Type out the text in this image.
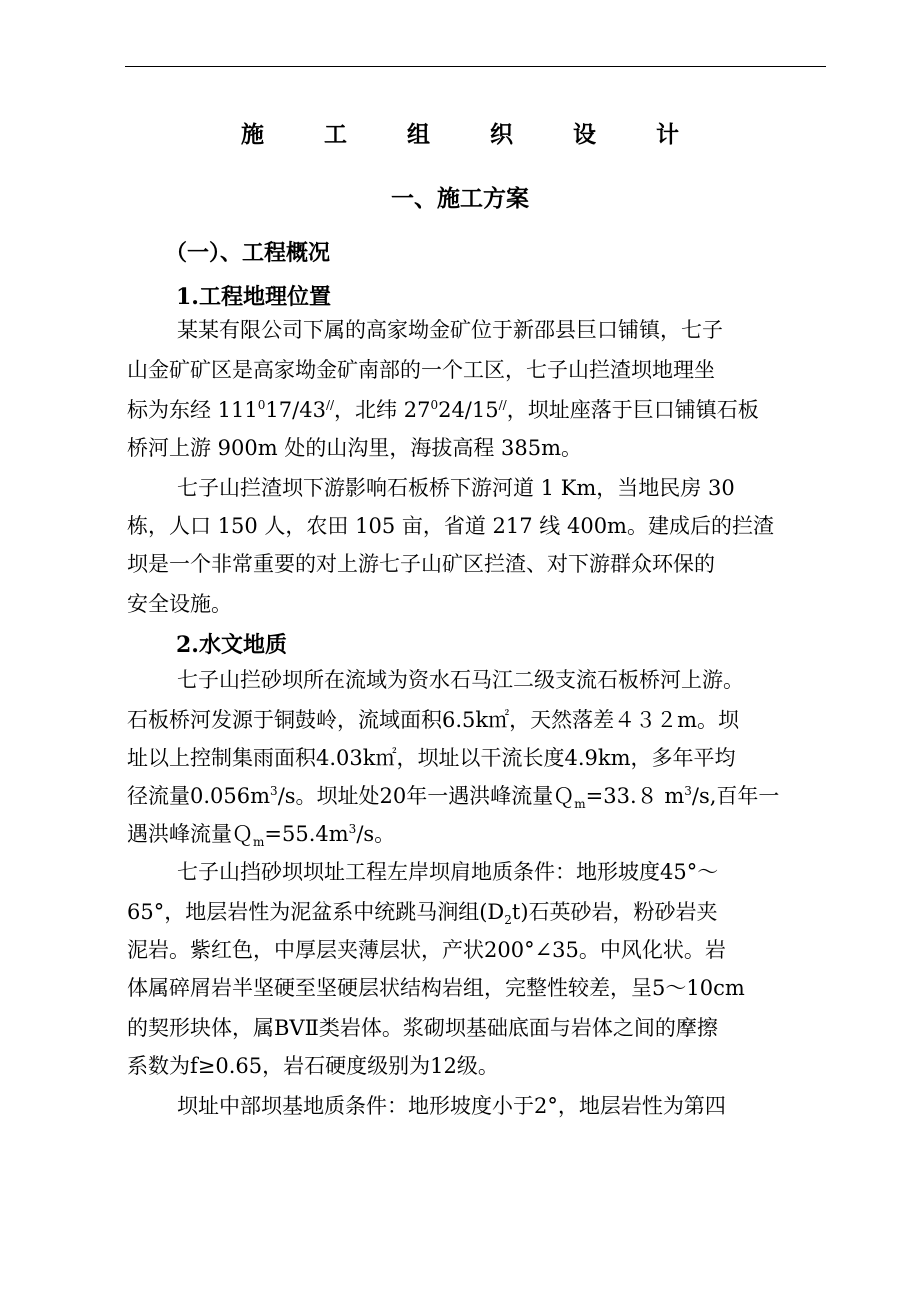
施 工 组 织 设 计
一、施工方案
（一）、工程概况
1.工程地理位置
某某有限公司下属的高家坳金矿位于新邵县巨口铺镇，七子
山金矿矿区是高家坳金矿南部的一个工区，七子山拦渣坝地理坐
标为东经 $111^017/43^{//}$，北纬 $27^024/15^{//}$，坝址座落于巨口铺镇石板
桥河上游 900m 处的山沟里，海拔高程 385m。
七子山拦渣坝下游影响石板桥下游河道 1 Km，当地民房 30
栋，人口 150 人，农田 105 亩，省道 217 线 400m。建成后的拦渣
坝是一个非常重要的对上游七子山矿区拦渣、对下游群众环保的
安全设施。
2.水文地质
七子山拦砂坝所在流域为资水石马江二级支流石板桥河上游。
石板桥河发源于铜鼓岭，流域面积6.5k㎡，天然落差４３２m。坝
址以上控制集雨面积4.03k㎡，坝址以干流长度4.9km，多年平均
径流量$0.056m^3/s$。坝址处20年一遇洪峰流量Ｑ$_m$=33.８ $m^3/s$,百年一
遇洪峰流量$Q_m=55.4m^3/s$。
七子山挡砂坝坝址工程左岸坝肩地质条件：地形坡度45°～
65°，地层岩性为泥盆系中统跳马涧组$(D_2t)$石英砂岩，粉砂岩夹
泥岩。紫红色，中厚层夹薄层状，产状200°∠35。中风化状。岩
体属碎屑岩半坚硬至坚硬层状结构岩组，完整性较差，呈5～10cm
的契形块体，属BVⅡ类岩体。浆砌坝基础底面与岩体之间的摩擦
系数为f≥0.65，岩石硬度级别为12级。
坝址中部坝基地质条件：地形坡度小于2°，地层岩性为第四
